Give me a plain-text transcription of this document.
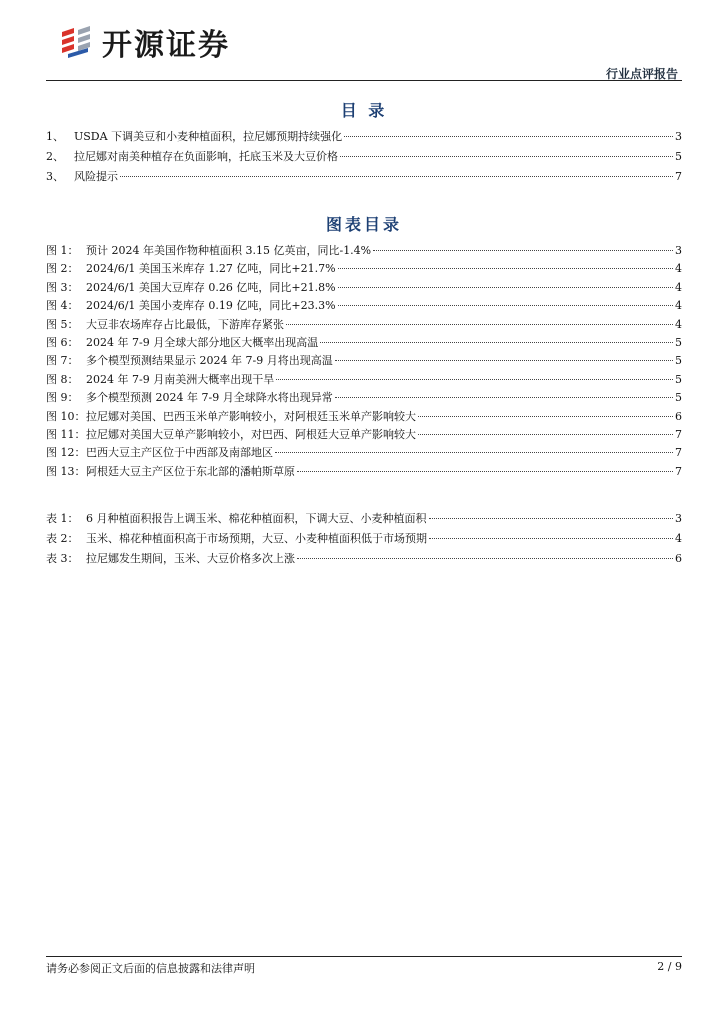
开源证券
行业点评报告
目 录
1、 USDA 下调美豆和小麦种植面积，拉尼娜预期持续强化	3
2、 拉尼娜对南美种植存在负面影响，托底玉米及大豆价格	5
3、 风险提示	7
图表目录
图 1： 预计 2024 年美国作物种植面积 3.15 亿英亩，同比-1.4%	3
图 2： 2024/6/1 美国玉米库存 1.27 亿吨，同比+21.7%	4
图 3： 2024/6/1 美国大豆库存 0.26 亿吨，同比+21.8%	4
图 4： 2024/6/1 美国小麦库存 0.19 亿吨，同比+23.3%	4
图 5： 大豆非农场库存占比最低，下游库存紧张	4
图 6： 2024 年 7-9 月全球大部分地区大概率出现高温	5
图 7： 多个模型预测结果显示 2024 年 7-9 月将出现高温	5
图 8： 2024 年 7-9 月南美洲大概率出现干旱	5
图 9： 多个模型预测 2024 年 7-9 月全球降水将出现异常	5
图 10： 拉尼娜对美国、巴西玉米单产影响较小，对阿根廷玉米单产影响较大	6
图 11： 拉尼娜对美国大豆单产影响较小，对巴西、阿根廷大豆单产影响较大	7
图 12： 巴西大豆主产区位于中西部及南部地区	7
图 13： 阿根廷大豆主产区位于东北部的潘帕斯草原	7
表 1： 6 月种植面积报告上调玉米、棉花种植面积，下调大豆、小麦种植面积	3
表 2： 玉米、棉花种植面积高于市场预期，大豆、小麦种植面积低于市场预期	4
表 3： 拉尼娜发生期间，玉米、大豆价格多次上涨	6
请务必参阅正文后面的信息披露和法律声明	2 / 9
